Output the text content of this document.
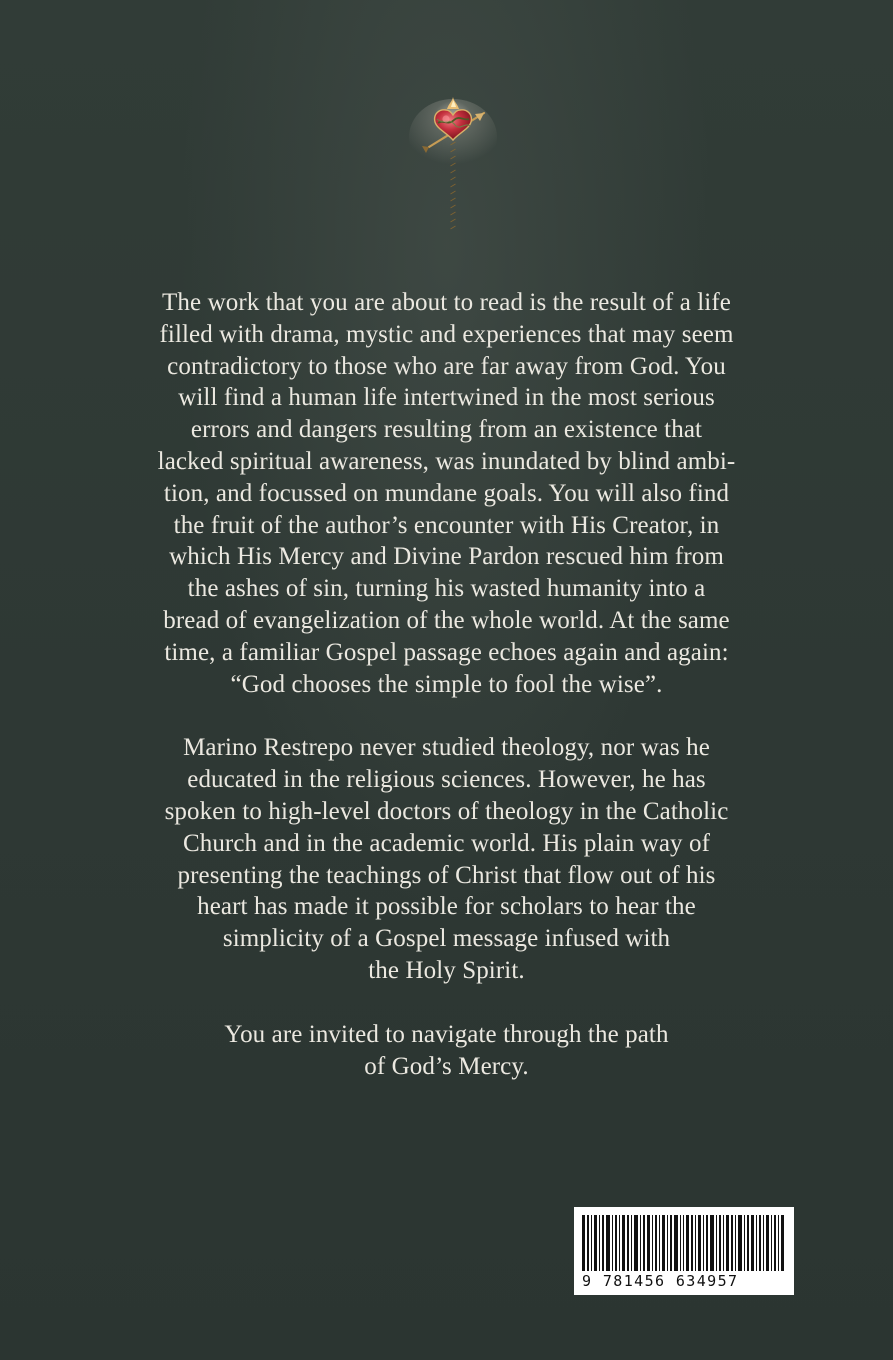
The work that you are about to read is the result of a life
filled with drama, mystic and experiences that may seem
contradictory to those who are far away from God. You
will find a human life intertwined in the most serious
errors and dangers resulting from an existence that
lacked spiritual awareness, was inundated by blind ambi-
tion, and focussed on mundane goals. You will also find
the fruit of the author’s encounter with His Creator, in
which His Mercy and Divine Pardon rescued him from
the ashes of sin, turning his wasted humanity into a
bread of evangelization of the whole world. At the same
time, a familiar Gospel passage echoes again and again:
“God chooses the simple to fool the wise”.

Marino Restrepo never studied theology, nor was he
educated in the religious sciences. However, he has
spoken to high-level doctors of theology in the Catholic
Church and in the academic world. His plain way of
presenting the teachings of Christ that flow out of his
heart has made it possible for scholars to hear the
simplicity of a Gospel message infused with
the Holy Spirit.

You are invited to navigate through the path
of God’s Mercy.

9 781456 634957
